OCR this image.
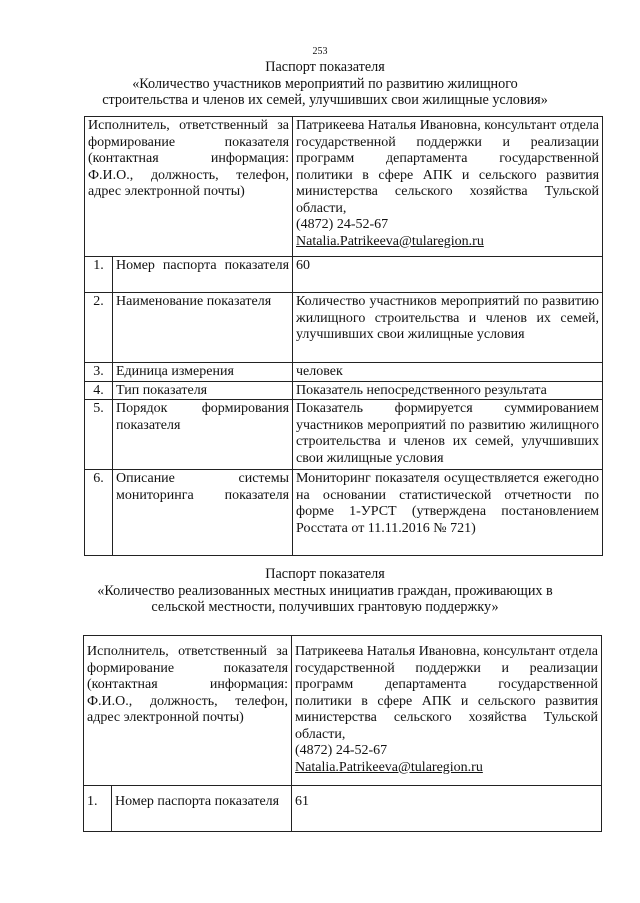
253
Паспорт показателя
«Количество участников мероприятий по развитию жилищного
строительства и членов их семей, улучшивших свои жилищные условия»
Исполнитель, ответственный за формирование показателя (контактная информация: Ф.И.О., должность, телефон, адрес электронной почты)		Патрикеева Наталья Ивановна, консультант отдела государственной поддержки и реализации программ департамента государственной политики в сфере АПК и сельского развития министерства сельского хозяйства Тульской области,
(4872) 24-52-67
Natalia.Patrikeeva@tularegion.ru

1.	Номер паспорта показателя	60
2.	Наименование показателя	Количество участников мероприятий по развитию жилищного строительства и членов их семей, улучшивших свои жилищные условия
3.	Единица измерения	человек
4.	Тип показателя	Показатель непосредственного результата
5.	Порядок формирования показателя	Показатель формируется суммированием участников мероприятий по развитию жилищного строительства и членов их семей, улучшивших свои жилищные условия
6.	Описание системы мониторинга показателя	Мониторинг показателя осуществляется ежегодно на основании статистической отчетности по форме 1-УРСТ (утверждена постановлением Росстата от 11.11.2016 № 721)
Паспорт показателя
«Количество реализованных местных инициатив граждан, проживающих в
сельской местности, получивших грантовую поддержку»
Исполнитель, ответственный за формирование показателя (контактная информация: Ф.И.О., должность, телефон, адрес электронной почты)		Патрикеева Наталья Ивановна, консультант отдела государственной поддержки и реализации программ департамента государственной политики в сфере АПК и сельского развития министерства сельского хозяйства Тульской области,
(4872) 24-52-67
Natalia.Patrikeeva@tularegion.ru

1.	Номер паспорта показателя	61
